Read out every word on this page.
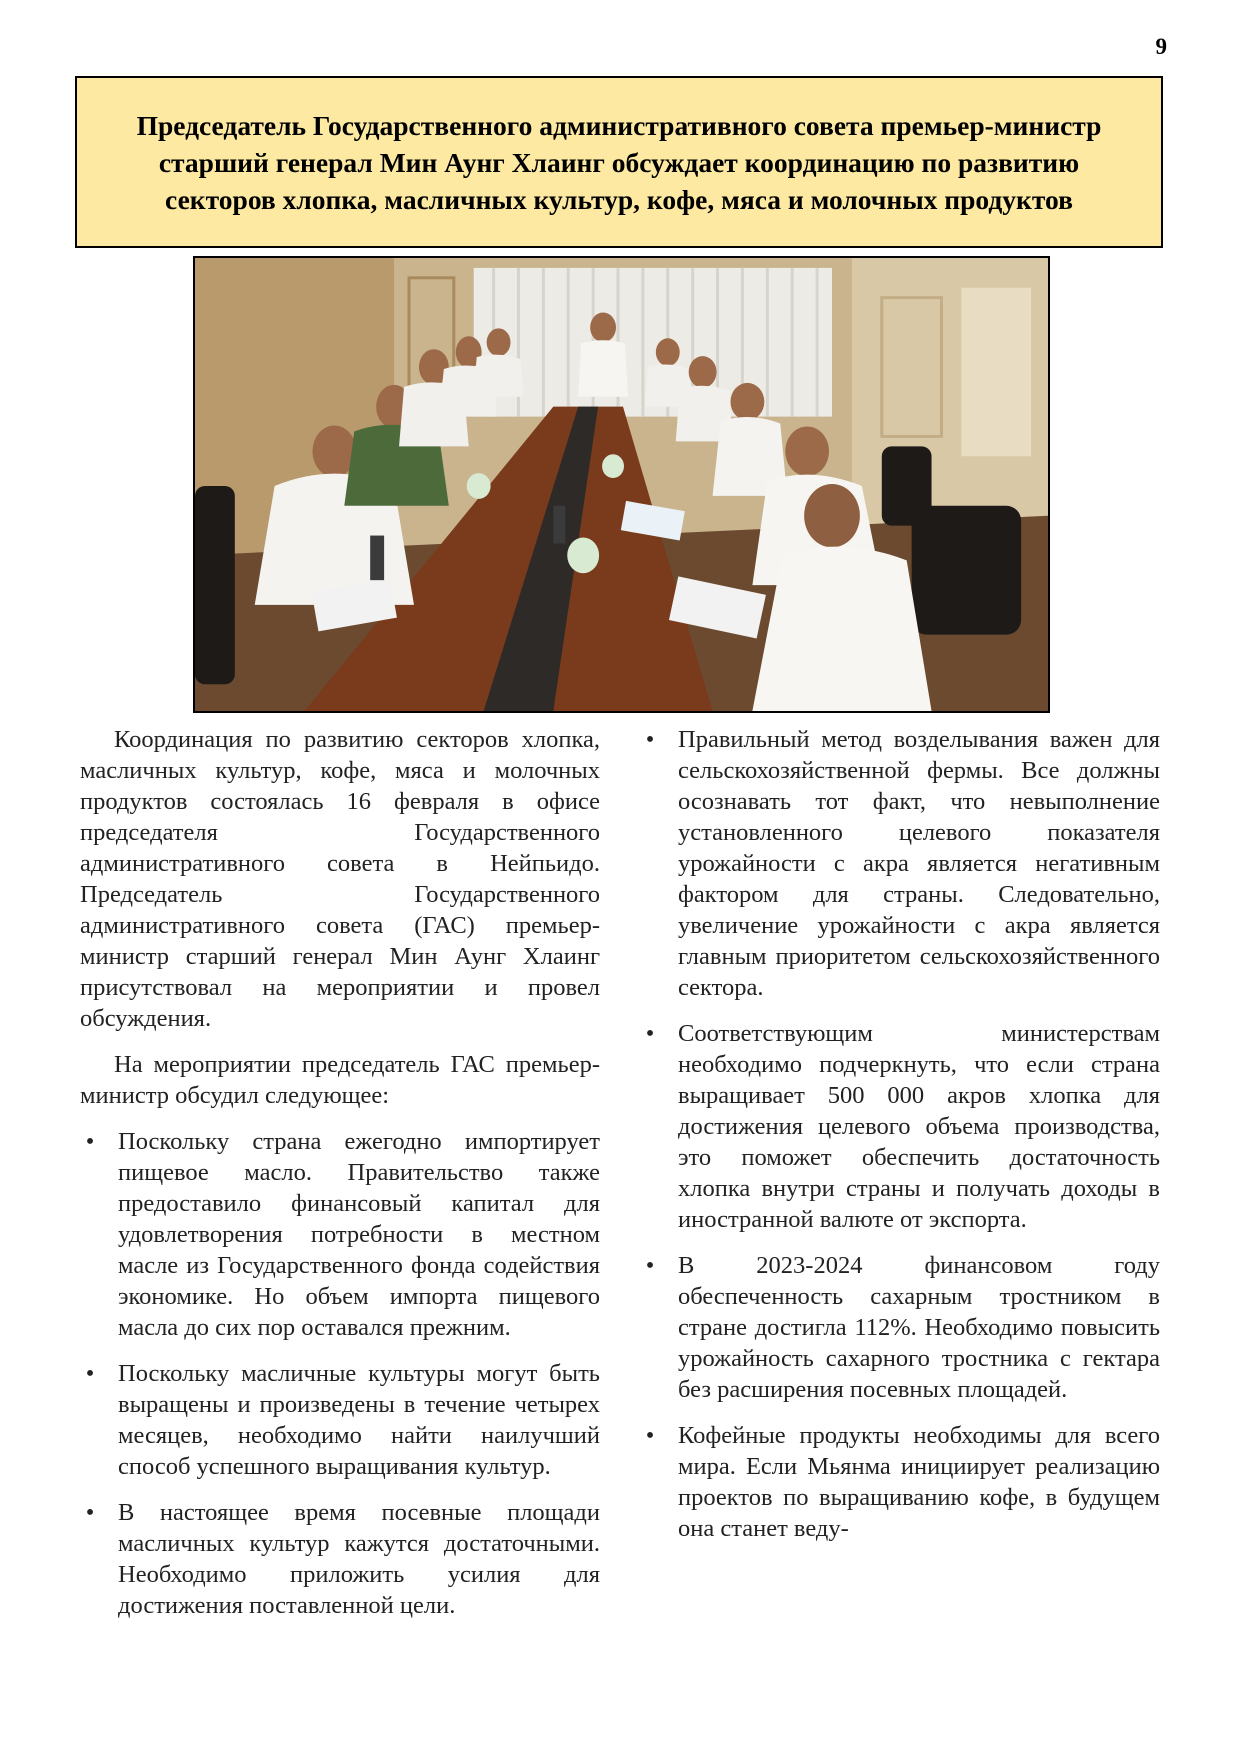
9
Председатель Государственного административного совета премьер-министр старший генерал Мин Аунг Хлаинг обсуждает координацию по развитию секторов хлопка, масличных культур, кофе, мяса и молочных продуктов

Координация по развитию секторов хлопка, масличных культур, кофе, мяса и молочных продуктов состоялась 16 февраля в офисе председателя Государственного административного совета в Нейпьидо. Председатель Государственного административного совета (ГАС) премьер-министр старший генерал Мин Аунг Хлаинг присутствовал на мероприятии и провел обсуждения.

На мероприятии председатель ГАС премьер-министр обсудил следующее:

• Поскольку страна ежегодно импортирует пищевое масло. Правительство также предоставило финансовый капитал для удовлетворения потребности в местном масле из Государственного фонда содействия экономике. Но объем импорта пищевого масла до сих пор оставался прежним.
• Поскольку масличные культуры могут быть выращены и произведены в течение четырех месяцев, необходимо найти наилучший способ успешного выращивания культур.
• В настоящее время посевные площади масличных культур кажутся достаточными. Необходимо приложить усилия для достижения поставленной цели.
• Правильный метод возделывания важен для сельскохозяйственной фермы. Все должны осознавать тот факт, что невыполнение установленного целевого показателя урожайности с акра является негативным фактором для страны. Следовательно, увеличение урожайности с акра является главным приоритетом сельскохозяйственного сектора.
• Соответствующим министерствам необходимо подчеркнуть, что если страна выращивает 500 000 акров хлопка для достижения целевого объема производства, это поможет обеспечить достаточность хлопка внутри страны и получать доходы в иностранной валюте от экспорта.
• В 2023-2024 финансовом году обеспеченность сахарным тростником в стране достигла 112%. Необходимо повысить урожайность сахарного тростника с гектара без расширения посевных площадей.
• Кофейные продукты необходимы для всего мира. Если Мьянма инициирует реализацию проектов по выращиванию кофе, в будущем она станет веду-
